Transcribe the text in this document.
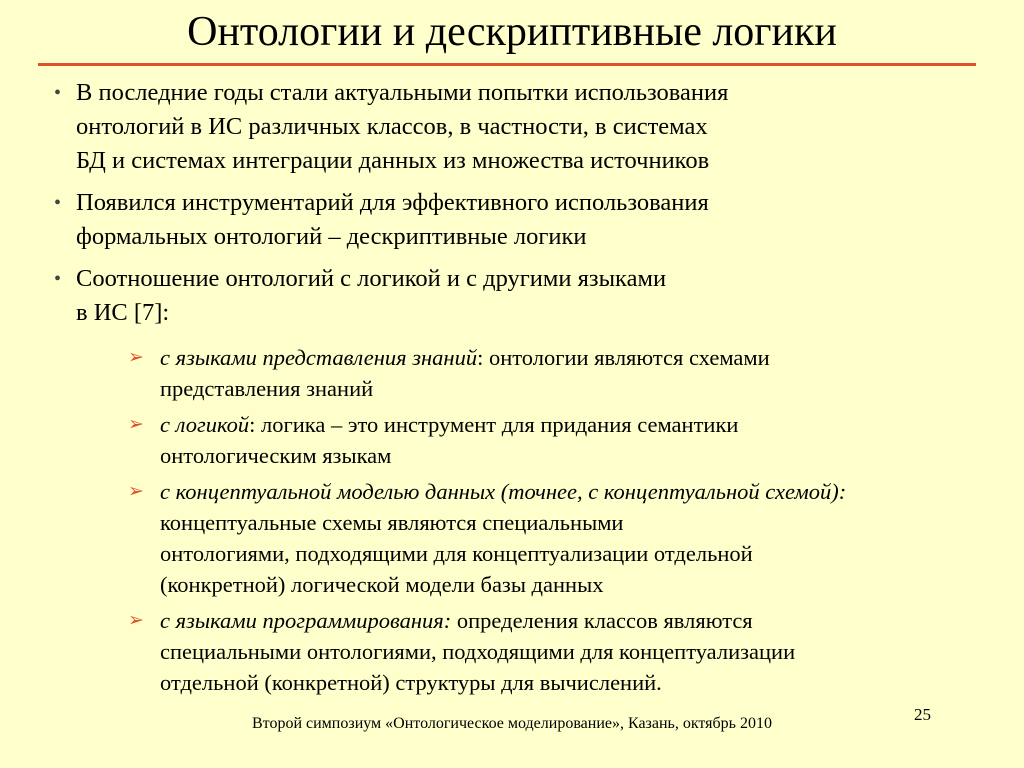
Онтологии и дескриптивные логики
• В последние годы стали актуальными попытки использования
онтологий в ИС различных классов, в частности, в системах
БД и системах интеграции данных из множества источников
• Появился инструментарий для эффективного использования
формальных онтологий – дескриптивные логики
• Соотношение онтологий с логикой и с другими языками
в ИС [7]:
➢ с языками представления знаний: онтологии являются схемами
представления знаний
➢ с логикой: логика – это инструмент для придания семантики
онтологическим языкам
➢ с концептуальной моделью данных (точнее, с концептуальной схемой): концептуальные схемы являются специальными
онтологиями, подходящими для концептуализации отдельной
(конкретной) логической модели базы данных
➢ с языками программирования: определения классов являются
специальными онтологиями, подходящими для концептуализации
отдельной (конкретной) структуры для вычислений.
Второй симпозиум «Онтологическое моделирование», Казань, октябрь 2010	25
